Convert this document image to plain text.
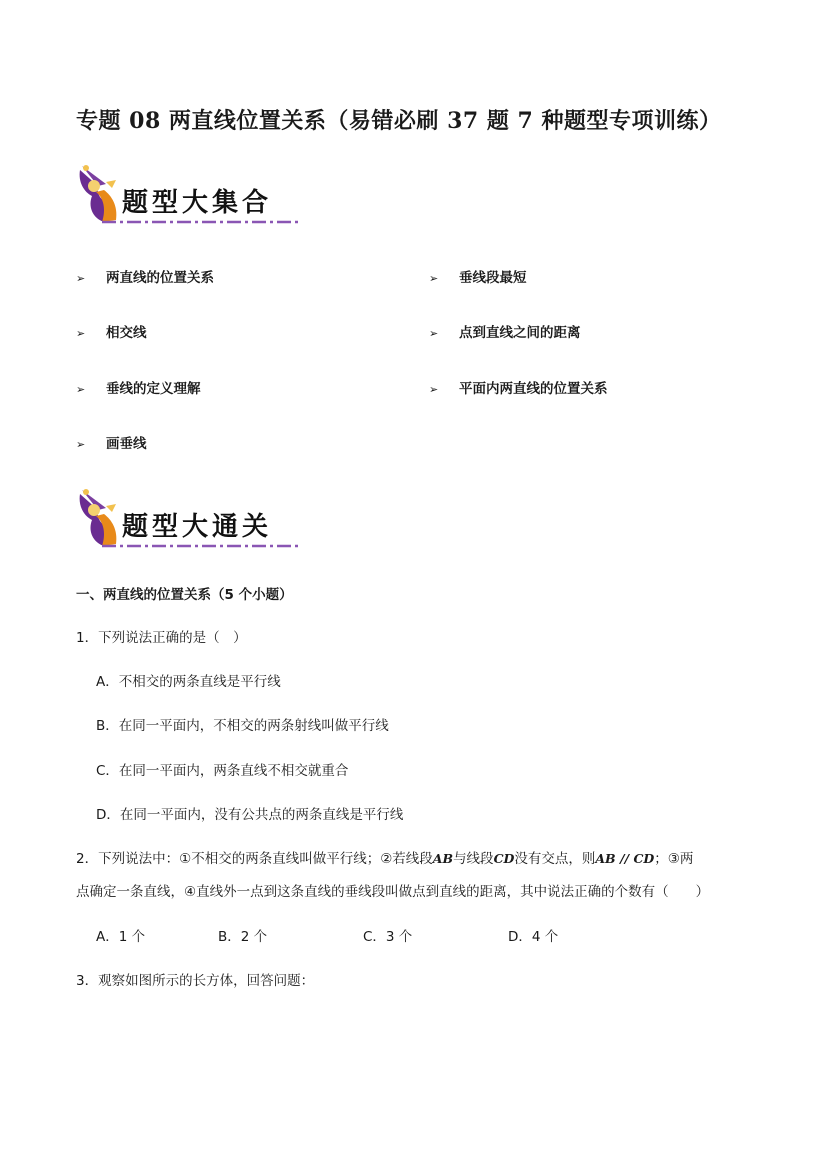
专题 08 两直线位置关系（易错必刷 37 题 7 种题型专项训练）
题型大集合
➢ 两直线的位置关系	➢ 垂线段最短
➢ 相交线	➢ 点到直线之间的距离
➢ 垂线的定义理解	➢ 平面内两直线的位置关系
➢ 画垂线
题型大通关
一、两直线的位置关系（5 个小题）
1．下列说法正确的是（　）
A．不相交的两条直线是平行线
B．在同一平面内，不相交的两条射线叫做平行线
C．在同一平面内，两条直线不相交就重合
D．在同一平面内，没有公共点的两条直线是平行线
2．下列说法中：①不相交的两条直线叫做平行线；②若线段AB与线段CD没有交点，则AB // CD；③两
点确定一条直线，④直线外一点到这条直线的垂线段叫做点到直线的距离，其中说法正确的个数有（　　）
A．1 个	B．2 个	C．3 个	D．4 个
3．观察如图所示的长方体，回答问题：
